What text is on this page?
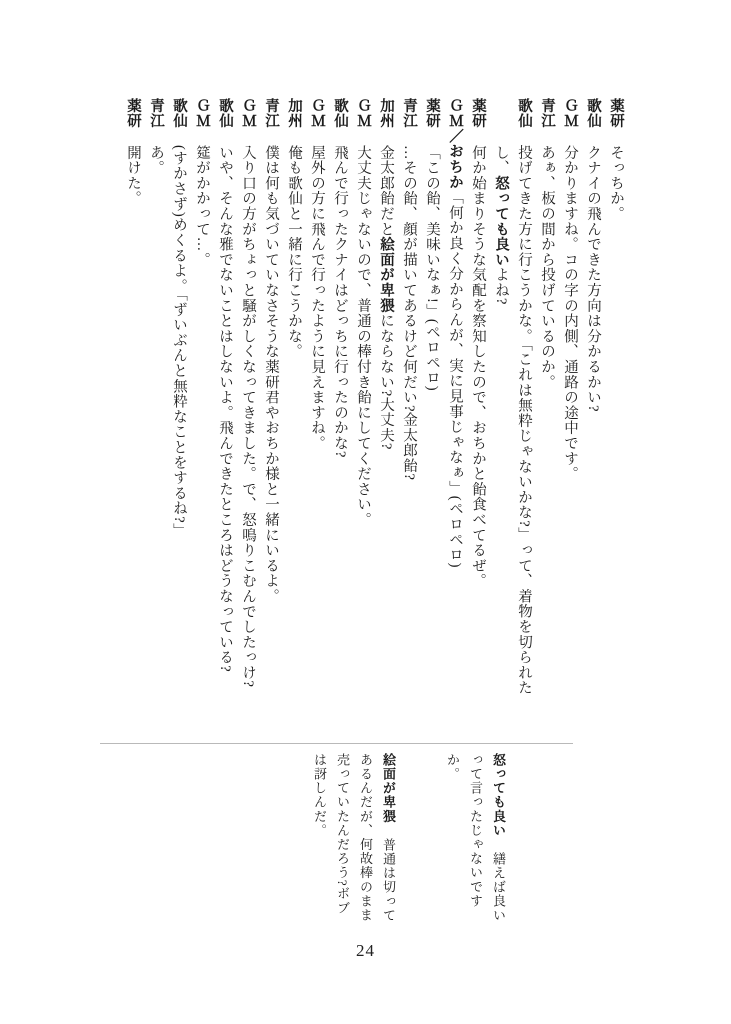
薬研そっちか。
歌仙クナイの飛んできた方向は分かるかい?
ＧＭ分かりますね。コの字の内側、通路の途中です。
青江あぁ、板の間から投げているのか。
歌仙投げてきた方に行こうかな。「これは無粋じゃないかな?」って、着物を切られたし、怒っても良いよね?
薬研何か始まりそうな気配を察知したので、おちかと飴食べてるぜ。
ＧＭ／おちか「何か良く分からんが、実に見事じゃなぁ」(ペロペロ)
薬研「この飴、美味いなぁ!」(ペロペロ)
青江…その飴、顔が描いてあるけど何だい?金太郎飴?
加州金太郎飴だと絵面が卑猥にならない?大丈夫?
ＧＭ大丈夫じゃないので、普通の棒付き飴にしてください。
歌仙飛んで行ったクナイはどっちに行ったのかな?
ＧＭ屋外の方に飛んで行ったように見えますね。
加州俺も歌仙と一緒に行こうかな。
青江僕は何も気づいていなさそうな薬研君やおちか様と一緒にいるよ。
ＧＭ入り口の方がちょっと騒がしくなってきました。で、怒鳴りこむんでしたっけ?
歌仙いや、そんな雅でないことはしないよ。飛んできたところはどうなっている?
ＧＭ筵がかかって…。
歌仙(すかさず)めくるよ。「ずいぶんと無粋なことをするね?」
青江あ。
薬研開けた。
怒っても良い繕えば良いって言ったじゃないですか。
絵面が卑猥普通は切ってあるんだが、何故棒のまま売っていたんだろう?ボブは訝しんだ。
24
